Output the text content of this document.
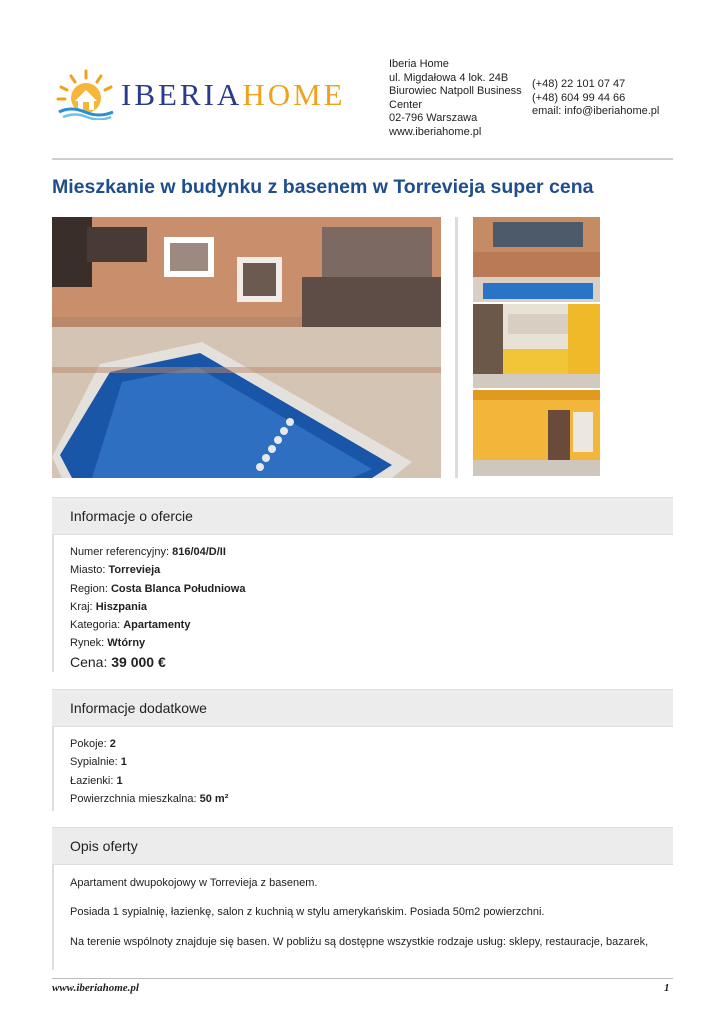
IBERIAHOME
Iberia Home
ul. Migdałowa 4 lok. 24B
Biurowiec Natpoll Business Center
02-796 Warszawa
www.iberiahome.pl
(+48) 22 101 07 47
(+48) 604 99 44 66
email: info@iberiahome.pl
Mieszkanie w budynku z basenem w Torrevieja super cena
Informacje o ofercie
Numer referencyjny: 816/04/D/II
Miasto: Torrevieja
Region: Costa Blanca Południowa
Kraj: Hiszpania
Kategoria: Apartamenty
Rynek: Wtórny
Cena: 39 000 €
Informacje dodatkowe
Pokoje: 2
Sypialnie: 1
Łazienki: 1
Powierzchnia mieszkalna: 50 m²
Opis oferty
Apartament dwupokojowy w Torrevieja z basenem.
Posiada 1 sypialnię, łazienkę, salon z kuchnią w stylu amerykańskim. Posiada 50m2 powierzchni.
Na terenie wspólnoty znajduje się basen. W pobliżu są dostępne wszystkie rodzaje usług: sklepy, restauracje, bazarek,
www.iberiahome.pl	1
